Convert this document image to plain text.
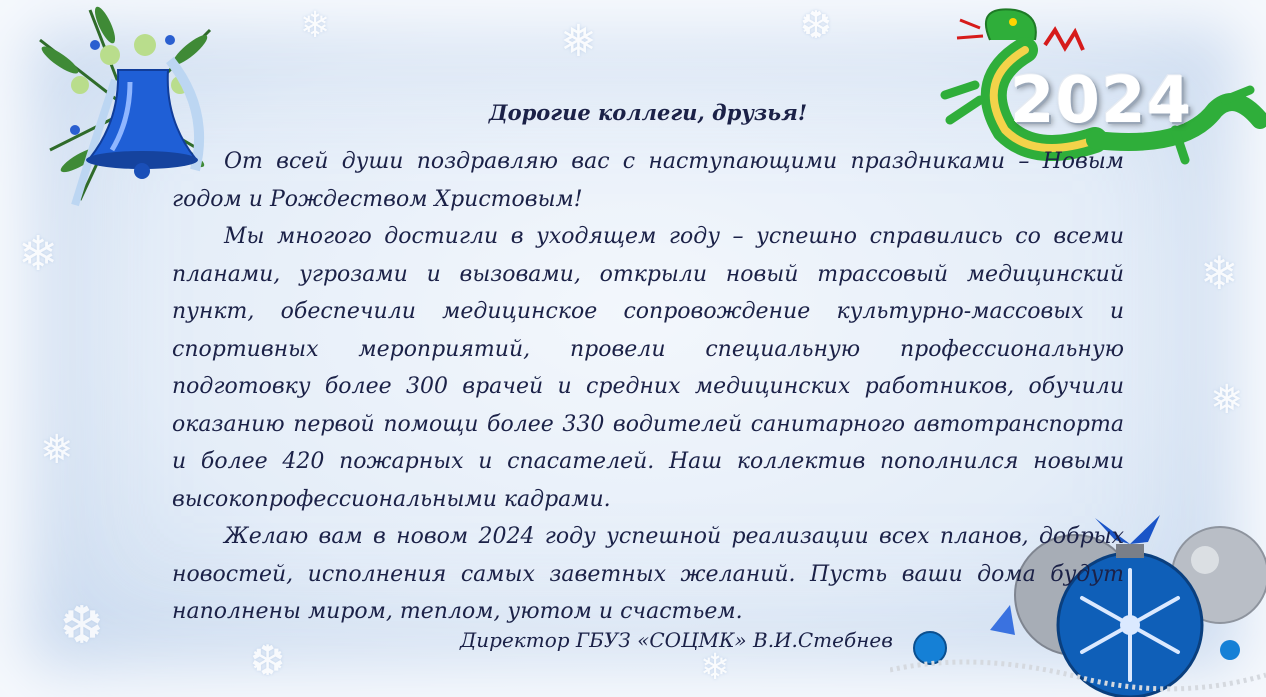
❄
❅
❆
❄	❅	❆
❄
❅
❆	❄
2024
Дорогие коллеги, друзья!

От всей души поздравляю вас с наступающими праздниками – Новым годом и Рождеством Христовым!

Мы многого достигли в уходящем году – успешно справились со всеми планами, угрозами и вызовами, открыли новый трассовый медицинский пункт, обеспечили медицинское сопровождение культурно-массовых и спортивных мероприятий, провели специальную профессиональную подготовку более 300 врачей и средних медицинских работников, обучили оказанию первой помощи более 330 водителей санитарного автотранспорта и более 420 пожарных и спасателей. Наш коллектив пополнился новыми высокопрофессиональными кадрами.

Желаю вам в новом 2024 году успешной реализации всех планов, добрых новостей, исполнения самых заветных желаний. Пусть ваши дома будут наполнены миром, теплом, уютом и счастьем.

Директор ГБУЗ «СОЦМК» В.И.Стебнев
